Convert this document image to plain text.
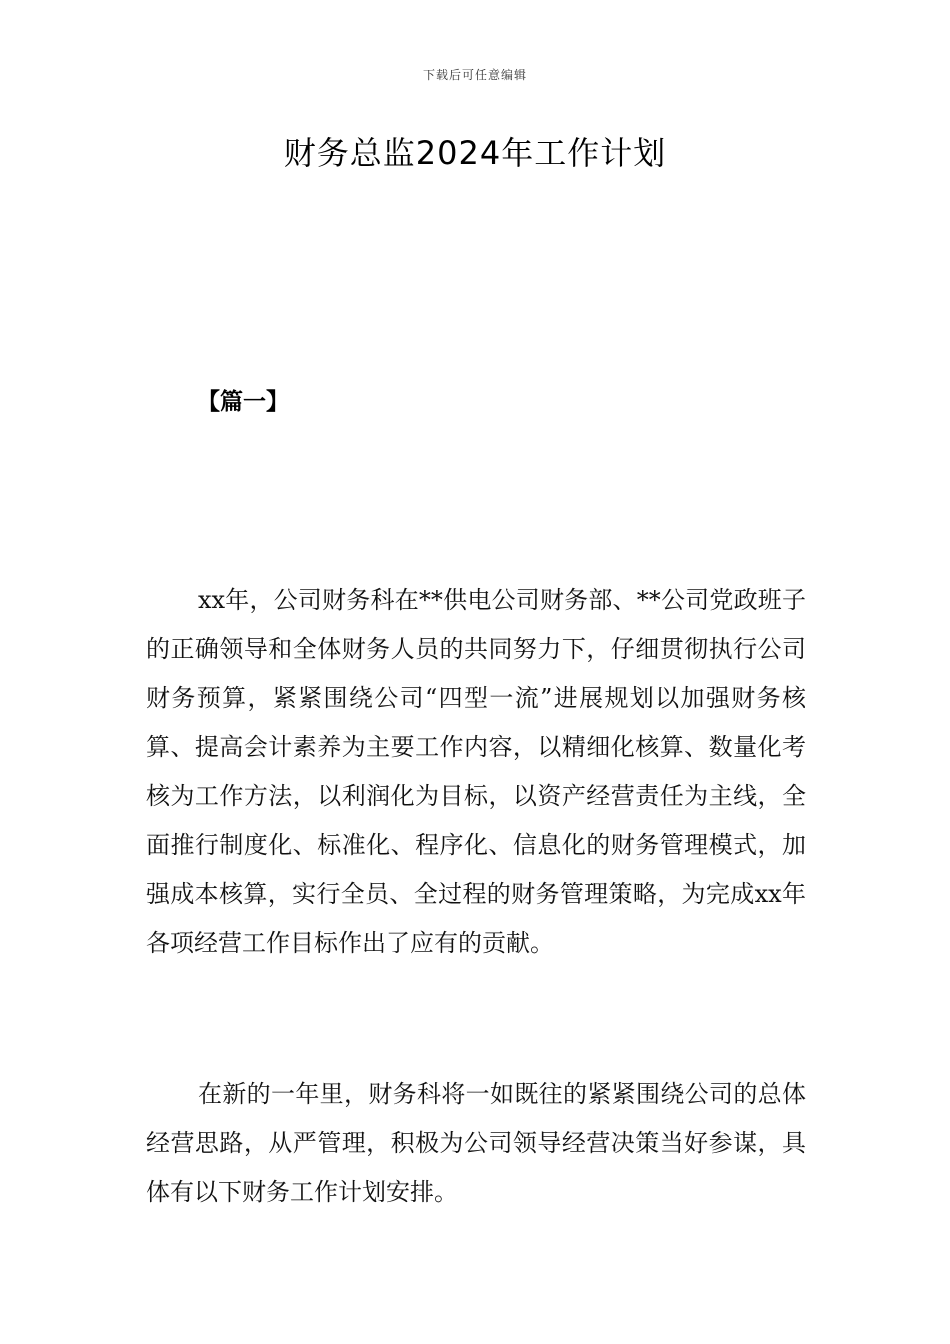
下载后可任意编辑
财务总监2024年工作计划
【篇一】

xx年，公司财务科在**供电公司财务部、**公司党政班子的正确领导和全体财务人员的共同努力下，仔细贯彻执行公司财务预算，紧紧围绕公司“四型一流”进展规划以加强财务核算、提高会计素养为主要工作内容，以精细化核算、数量化考核为工作方法，以利润化为目标，以资产经营责任为主线，全面推行制度化、标准化、程序化、信息化的财务管理模式，加强成本核算，实行全员、全过程的财务管理策略，为完成xx年各项经营工作目标作出了应有的贡献。

在新的一年里，财务科将一如既往的紧紧围绕公司的总体经营思路，从严管理，积极为公司领导经营决策当好参谋，具体有以下财务工作计划安排。
